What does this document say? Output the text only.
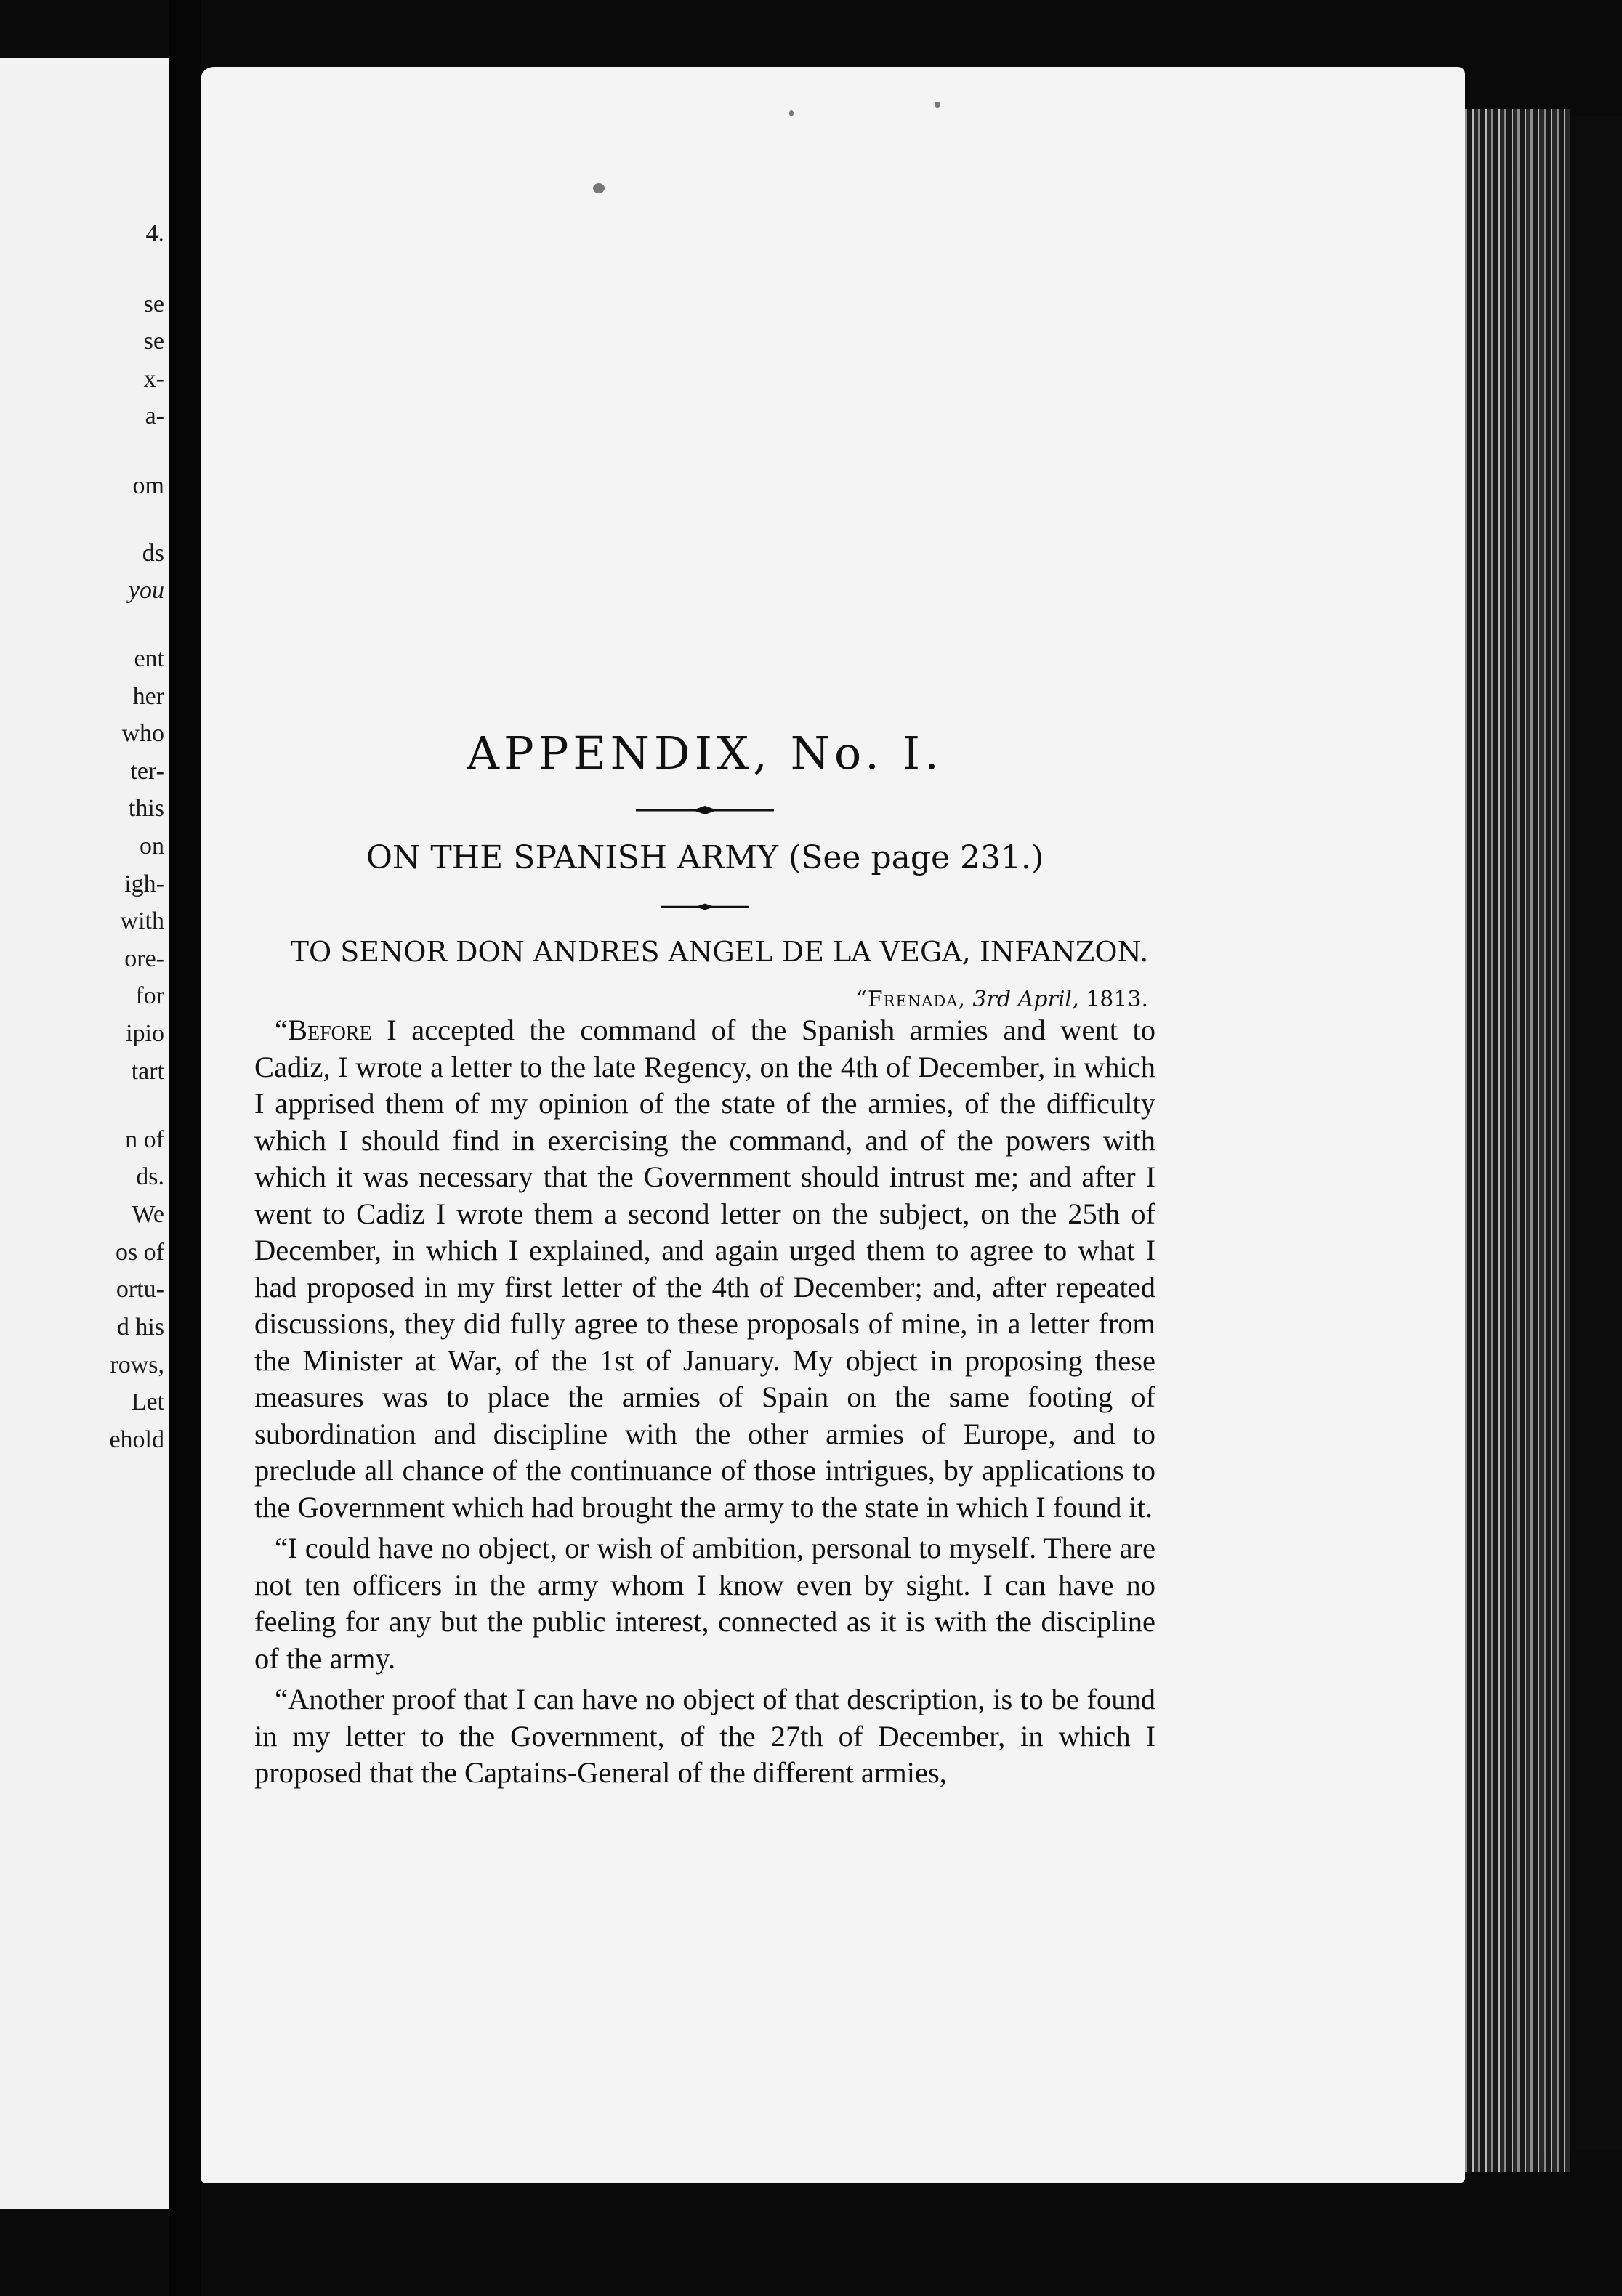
4.
se
se
x-
a-
om
ds
you
ent
her
who
ter-
this
on
igh-
with
ore-
for
ipio
tart
n of
ds.
We
os of
ortu-
d his
rows,
Let
ehold
APPENDIX, No. I.
ON THE SPANISH ARMY (See page 231.)
TO SENOR DON ANDRES ANGEL DE LA VEGA, INFANZON.
“Frenada, 3rd April, 1813.

“Before I accepted the command of the Spanish armies and went to Cadiz, I wrote a letter to the late Regency, on the 4th of December, in which I apprised them of my opinion of the state of the armies, of the difficulty which I should find in exercising the command, and of the powers with which it was necessary that the Government should intrust me; and after I went to Cadiz I wrote them a second letter on the subject, on the 25th of December, in which I explained, and again urged them to agree to what I had proposed in my first letter of the 4th of December; and, after repeated discussions, they did fully agree to these proposals of mine, in a letter from the Minister at War, of the 1st of January. My object in proposing these measures was to place the armies of Spain on the same footing of subordination and discipline with the other armies of Europe, and to preclude all chance of the continuance of those intrigues, by applications to the Government which had brought the army to the state in which I found it.

“I could have no object, or wish of ambition, personal to myself. There are not ten officers in the army whom I know even by sight. I can have no feeling for any but the public interest, connected as it is with the discipline of the army.

“Another proof that I can have no object of that description, is to be found in my letter to the Government, of the 27th of December, in which I proposed that the Captains-General of the different armies,
